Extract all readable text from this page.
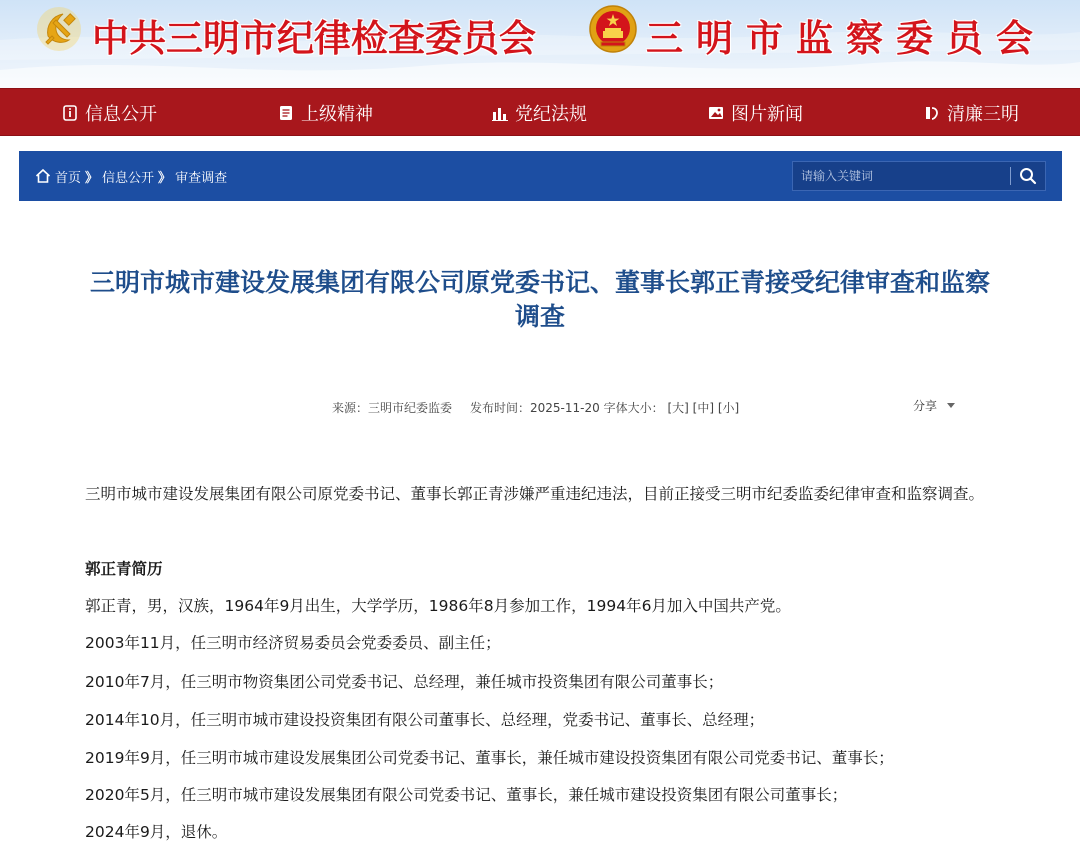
中共三明市纪律检查委员会	三明市监察委员会
信息公开	上级精神	党纪法规	图片新闻	清廉三明
首页 》 信息公开 》 审查调查
请输入关键词
三明市城市建设发展集团有限公司原党委书记、董事长郭正青接受纪律审查和监察
调查
来源：三明市纪委监委 发布时间：2025-11-20 字体大小： [大] [中] [小]	分享
三明市城市建设发展集团有限公司原党委书记、董事长郭正青涉嫌严重违纪违法，目前正接受三明市纪委监委纪律审查和监察调查。
郭正青简历
郭正青，男，汉族，1964年9月出生，大学学历，1986年8月参加工作，1994年6月加入中国共产党。
2003年11月，任三明市经济贸易委员会党委委员、副主任；
2010年7月，任三明市物资集团公司党委书记、总经理，兼任城市投资集团有限公司董事长；
2014年10月，任三明市城市建设投资集团有限公司董事长、总经理，党委书记、董事长、总经理；
2019年9月，任三明市城市建设发展集团公司党委书记、董事长，兼任城市建设投资集团有限公司党委书记、董事长；
2020年5月，任三明市城市建设发展集团有限公司党委书记、董事长，兼任城市建设投资集团有限公司董事长；
2024年9月，退休。
